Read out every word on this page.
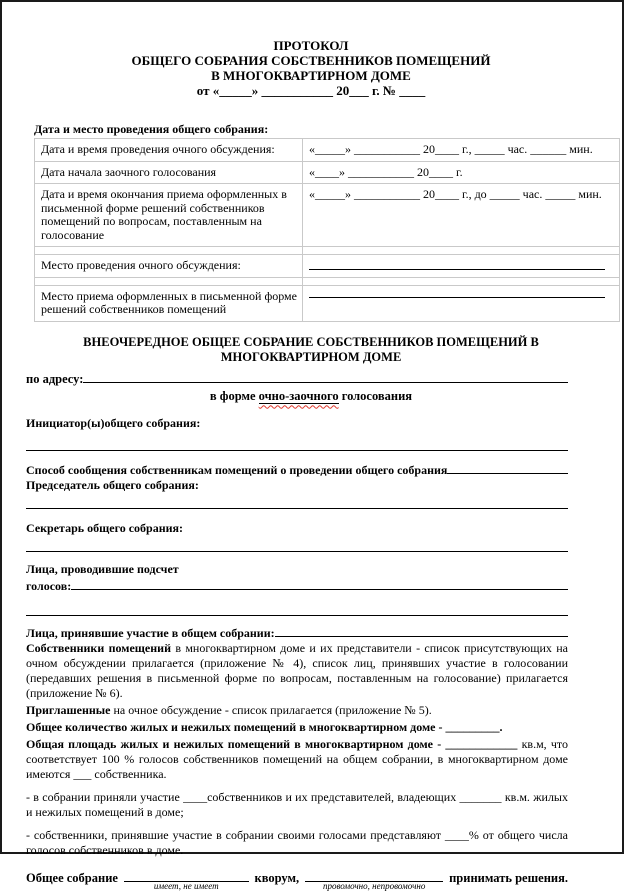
ПРОТОКОЛ
ОБЩЕГО СОБРАНИЯ СОБСТВЕННИКОВ ПОМЕЩЕНИЙ
В МНОГОКВАРТИРНОМ ДОМЕ
от «_____» ___________ 20___ г. № ____
Дата и место проведения общего собрания:
Дата и время проведения очного обсуждения:	«_____» ___________ 20____ г., _____ час. ______ мин.
Дата начала заочного голосования	«____» ___________ 20____ г.
Дата и время окончания приема оформленных в письменной форме решений собственников помещений по вопросам, поставленным на голосование	«_____» ___________ 20____ г., до _____ час. _____ мин.

Место проведения очного обсуждения:	

Место приема оформленных в письменной форме решений собственников помещений	
ВНЕОЧЕРЕДНОЕ ОБЩЕЕ СОБРАНИЕ СОБСТВЕННИКОВ ПОМЕЩЕНИЙ В МНОГОКВАРТИРНОМ ДОМЕ
по адресу:
в форме очно-заочного голосования
Инициатор(ы)общего собрания:
Способ сообщения собственникам помещений о проведении общего собрания
Председатель общего собрания:
Секретарь общего собрания:
Лица, проводившие подсчет
голосов:
Лица, принявшие участие в общем собрании:
Собственники помещений в многоквартирном доме и их представители - список присутствующих на очном обсуждении прилагается (приложение № 4), список лиц, принявших участие в голосовании (передавших решения в письменной форме по вопросам, поставленным на голосование) прилагается (приложение № 6).
Приглашенные на очное обсуждение - список прилагается (приложение № 5).
Общее количество жилых и нежилых помещений в многоквартирном доме - _________.
Общая площадь жилых и нежилых помещений в многоквартирном доме - ____________ кв.м, что соответствует 100 % голосов собственников помещений на общем собрании, в многоквартирном доме имеются ___ собственника.
- в собрании приняли участие ____собственников и их представителей, владеющих _______ кв.м. жилых и нежилых помещений в доме;
- собственники, принявшие участие в собрании своими голосами представляют ____% от общего числа голосов собственников в доме.
Общее собрание
имеет, не имеет
кворум,
провомочно, непровомочно
принимать решения.
